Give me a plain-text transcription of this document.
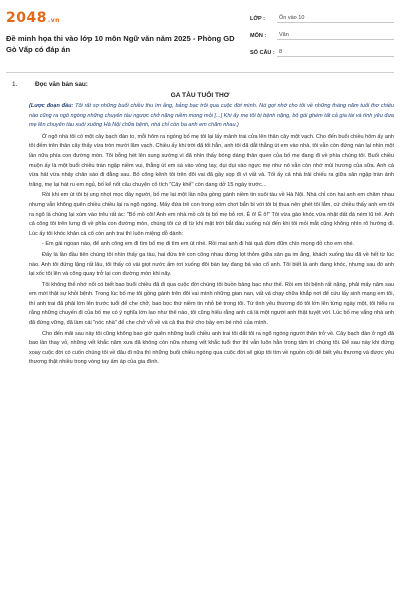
2048.vn
Đề minh họa thi vào lớp 10 môn Ngữ văn năm 2025 - Phòng GD Gò Vấp có đáp án
LỚP :	Ôn vào 10
MÔN :	Văn
SỐ CÂU : 8
1.	Đọc văn bản sau:
GA TÀU TUỔI THƠ

(Lược đoạn đầu: Tôi rất sợ những buổi chiều thu ìm ắng, bảng bạc trôi qua cuộc đời mình. Nó gợi nhớ cho tôi về những tháng năm tuổi thơ chiều nào cũng ra ngõ ngóng những chuyến tàu ngược chở nặng niềm mong mỏi [...] Khi ấy mẹ tôi bị bệnh nặng, bố gói ghém tất cả gia tài và tính yêu đưa mẹ lên chuyến tàu xuôi xuống Hà Nội chữa bệnh, nhà chỉ còn ba anh em chăm nhau.)

Ở ngõ nhà tôi có một cây bạch đàn to, mỗi hôm ra ngóng bố mẹ tôi lại lấy mảnh trai cửa lên thân cây một vạch. Cho đến buổi chiều hôm ấy anh tôi đếm trên thân cây thấy vừa tròn mười lăm vạch. Chiều ấy khi trời đã tối hẳn, anh tôi đã dắt thằng út em vào nhà, tôi vẫn còn đứng nán lại nhìn một lần nữa phía con đường mòn. Tôi bỗng hét lên sung sướng vì đã nhìn thấy bóng dáng thân quen của bố mẹ đang đi về phía chúng tôi. Buổi chiều muộn ấy là một buổi chiều tràn ngập niềm vui, thằng út em sà vào vòng tay, dụi dụi vào ngực mẹ như nó vẫn còn nhớ mùi hương của sữa. Anh cả vừa hát vừa nhảy chân sáo đi đằng sau. Bố cõng kênh tôi trên đôi vai đã gầy sọp đi vì vất vả. Tối ấy cả nhà trải chiếu ra giữa sân ngập tràn ánh trăng, mẹ lại hát ru em ngủ, bố kể nốt câu chuyện cổ tích "Cây khế" còn dang dở 15 ngày trước...

Rồi khi em út tôi bị ung nhọt mọc đầy người, bố mẹ lại một lần nữa gồng gánh niềm tin xuôi tàu về Hà Nội. Nhà chỉ còn hai anh em chăm nhau nhưng vẫn không quên chiều chiều lại ra ngõ ngóng. Mấy đứa trẻ con trong xóm chơi bắn bi với tôi bị thua nên ghét tôi lắm, cứ chiều thấy anh em tôi ra ngõ là chúng lại xúm vào trêu rất ác: "Bố mồ côi! Anh em nhà mồ côi bị bố mẹ bỏ rơi. Ê ô! Ê ô!" Tôi vừa gào khóc vừa nhặt đất đá ném lũ trẻ. Anh cả cõng tôi trên lưng đi về phía con đường mòn, chúng tôi cứ đi từ khi mặt trời bắt đầu xuống núi đến khi tôi mỏi mắt cũng không nhìn rõ hướng đi. Lúc ấy tôi khóc khản cả cổ còn anh trai thì luôn miệng dỗ dành:

- Em gái ngoan nào, để anh cõng em đi tìm bố mẹ đi tìm em út nhé. Rồi mai anh đi hái quả đùm đũm chín mọng đỏ cho em nhé.

Đấy là lần đầu tiên chúng tôi nhìn thấy ga tàu, hai đứa trẻ con cõng nhau đứng lọt thỏm giữa sân ga im ắng, khách xuống tàu đã về hết từ lúc nào. Anh tôi đứng lặng rất lâu, tôi thấy có vài giọt nước ấm rơi xuống đôi bàn tay đang bá vào cổ anh. Tôi biết là anh đang khóc, nhưng sau đó anh lại xốc tôi lên và cõng quay trở lại con đường mòn khi nãy.

Tôi không thể nhớ nổi có biết bao buổi chiều đã đi qua cuộc đời chúng tôi buồn bảng bạc như thế. Rồi em tôi bệnh rất nặng, phải mấy năm sau em mới thật sự khỏi bệnh. Trong lúc bố mẹ tôi gồng gánh trên đôi vai mình những gian nan, vất vả chạy chữa khắp nơi để cứu lấy sinh mạng em tôi, thì anh trai đã phải lớn lên trước tuổi để che chở, bao bọc thứ niềm tin nhỏ bé trong tôi. Từ tình yêu thương đó tôi lớn lên từng ngày một, tôi hiểu ra rằng những chuyến đi của bố mẹ có ý nghĩa lớn lao như thế nào, tôi cũng hiểu rằng anh cả là một người anh thật tuyệt vời. Lúc bố mẹ vắng nhà anh đã đứng vững, đã làm cái "nóc nhà" để che chở vỗ về và cả tha thứ cho bầy em bé nhỏ của mình.

Cho đến mãi sau này tôi cũng không bao giờ quên những buổi chiều anh trai tôi dắt tôi ra ngõ ngóng người thân trở về. Cây bạch đàn ở ngõ đã bao lần thay vỏ, những vết khắc năm xưa đã không còn nữa nhưng vết khắc tuổi thơ thì vẫn luôn hằn trong tâm trí chúng tôi. Để sau này khi đứng xoay cuộc đời có cuốn chúng tôi về đâu đi nữa thì những buổi chiều ngóng qua cuộc đời sẽ giúp tôi tìm về nguồn cội để biết yêu thương và được yêu thương thật nhiều trong vòng tay ấm áp của gia đình.
